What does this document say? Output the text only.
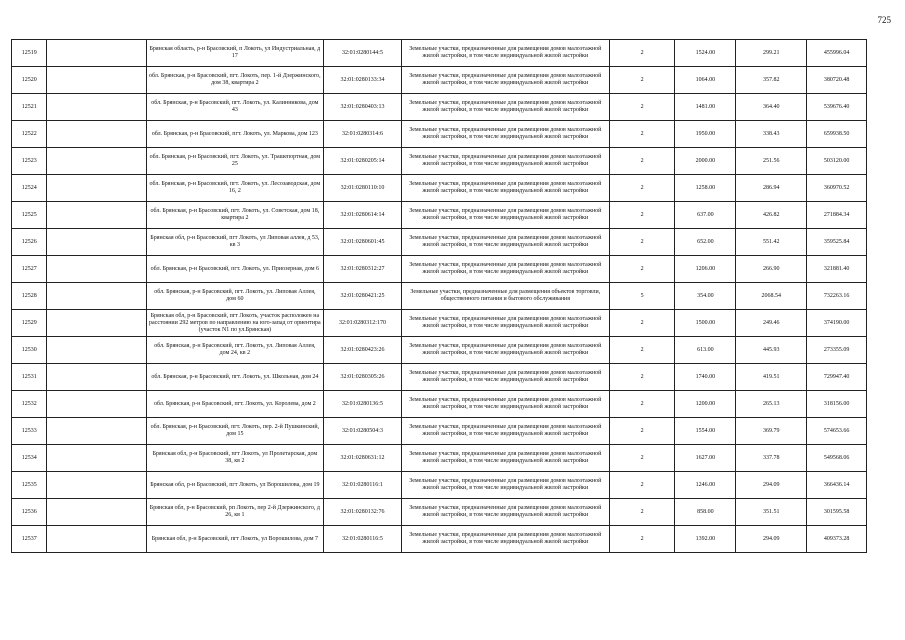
725
12519		Брянская область, р-н Брасовский, п Локоть, ул Индустриальная, д 17	32:01:0280144:5	Земельные участки, предназначенные для размещения домов малоэтажной жилой застройки, в том числе индивидуальной жилой застройки	2	1524.00	299.21	455996.04
12520		обл. Брянская, р-н Брасовский, пгт. Локоть, пер. 1-й Дзержинского, дом 38, квартира 2	32:01:0280133:34	Земельные участки, предназначенные для размещения домов малоэтажной жилой застройки, в том числе индивидуальной жилой застройки	2	1064.00	357.82	380720.48
12521		обл. Брянская, р-н Брасовский, пгт. Локоть, ул. Калинникова, дом 43	32:01:0280403:13	Земельные участки, предназначенные для размещения домов малоэтажной жилой застройки, в том числе индивидуальной жилой застройки	2	1481.00	364.40	539676.40
12522		обл. Брянская, р-н Брасовский, пгт. Локоть, ул. Маркова, дом 123	32:01:0280314:6	Земельные участки, предназначенные для размещения домов малоэтажной жилой застройки, в том числе индивидуальной жилой застройки	2	1950.00	338.43	659938.50
12523		обл. Брянская, р-н Брасовский, пгт. Локоть, ул. Трашепортная, дом 25	32:01:0280205:14	Земельные участки, предназначенные для размещения домов малоэтажной жилой застройки, в том числе индивидуальной жилой застройки	2	2000.00	251.56	503120.00
12524		обл. Брянская, р-н Брасовский, пгт. Локоть, ул. Лесозаводская, дом 16, 2	32:01:0280110:10	Земельные участки, предназначенные для размещения домов малоэтажной жилой застройки, в том числе индивидуальной жилой застройки	2	1258.00	286.94	360970.52
12525		обл. Брянская, р-н Брасовский, пгт. Локоть, ул. Советская, дом 18, квартира 2	32:01:0280614:14	Земельные участки, предназначенные для размещения домов малоэтажной жилой застройки, в том числе индивидуальной жилой застройки	2	637.00	426.82	271884.34
12526		Брянская обл, р-н Брасовский, пгт Локоть, ул Липовая аллея, д 53, кв 3	32:01:0280601:45	Земельные участки, предназначенные для размещения домов малоэтажной жилой застройки, в том числе индивидуальной жилой застройки	2	652.00	551.42	359525.84
12527		обл. Брянская, р-н Брасовский, пгт. Локоть, ул. Приозерная, дом 6	32:01:0280312:27	Земельные участки, предназначенные для размещения домов малоэтажной жилой застройки, в том числе индивидуальной жилой застройки	2	1206.00	266.90	321881.40
12528		обл. Брянская, р-н Брасовский, пгт. Локоть, ул. Липовая Аллея, дом 60	32:01:0280421:25	Земельные участки, предназначенные для размещения объектов торговли, общественного питания и бытового обслуживания	5	354.00	2068.54	732263.16
12529		Брянская обл, р-н Брасовский, пгт Локоть, участок расположен на расстоянии 292 метров по направлению на юго-запад от ориентира (участок N1 по ул.Брянская)	32:01:0280312:170	Земельные участки, предназначенные для размещения домов малоэтажной жилой застройки, в том числе индивидуальной жилой застройки	2	1500.00	249.46	374190.00
12530		обл. Брянская, р-н Брасовский, пгт. Локоть, ул. Липовая Аллея, дом 24, кв 2	32:01:0280423:26	Земельные участки, предназначенные для размещения домов малоэтажной жилой застройки, в том числе индивидуальной жилой застройки	2	613.00	445.93	273355.09
12531		обл. Брянская, р-н Брасовский, пгт. Локоть, ул. Школьная, дом 24	32:01:0280305:26	Земельные участки, предназначенные для размещения домов малоэтажной жилой застройки, в том числе индивидуальной жилой застройки	2	1740.00	419.51	729947.40
12532		обл. Брянская, р-н Брасовский, пгт. Локоть, ул. Королева, дом 2	32:01:0280136:5	Земельные участки, предназначенные для размещения домов малоэтажной жилой застройки, в том числе индивидуальной жилой застройки	2	1200.00	265.13	318156.00
12533		обл. Брянская, р-н Брасовский, пгт. Локоть, пер. 2-й Пушкинский, дом 15	32:01:0280504:3	Земельные участки, предназначенные для размещения домов малоэтажной жилой застройки, в том числе индивидуальной жилой застройки	2	1554.00	369.79	574653.66
12534		Брянская обл, р-н Брасовский, пгт Локоть, ул Пролетарская, дом 38, кв 2	32:01:0280631:12	Земельные участки, предназначенные для размещения домов малоэтажной жилой застройки, в том числе индивидуальной жилой застройки	2	1627.00	337.78	549568.06
12535		Брянская обл, р-н Брасовский, пгт Локоть, ул Ворошилова, дом 19	32:01:0280116:1	Земельные участки, предназначенные для размещения домов малоэтажной жилой застройки, в том числе индивидуальной жилой застройки	2	1246.00	294.09	366436.14
12536		Брянская обл, р-н Брасовский, рп Локоть, пер 2-й Дзержинского, д 26, кв 1	32:01:0280132:76	Земельные участки, предназначенные для размещения домов малоэтажной жилой застройки, в том числе индивидуальной жилой застройки	2	858.00	351.51	301595.58
12537		Брянская обл, р-н Брасовский, пгт Локоть, ул Ворошилова, дом 7	32:01:0280116:5	Земельные участки, предназначенные для размещения домов малоэтажной жилой застройки, в том числе индивидуальной жилой застройки	2	1392.00	294.09	409373.28
